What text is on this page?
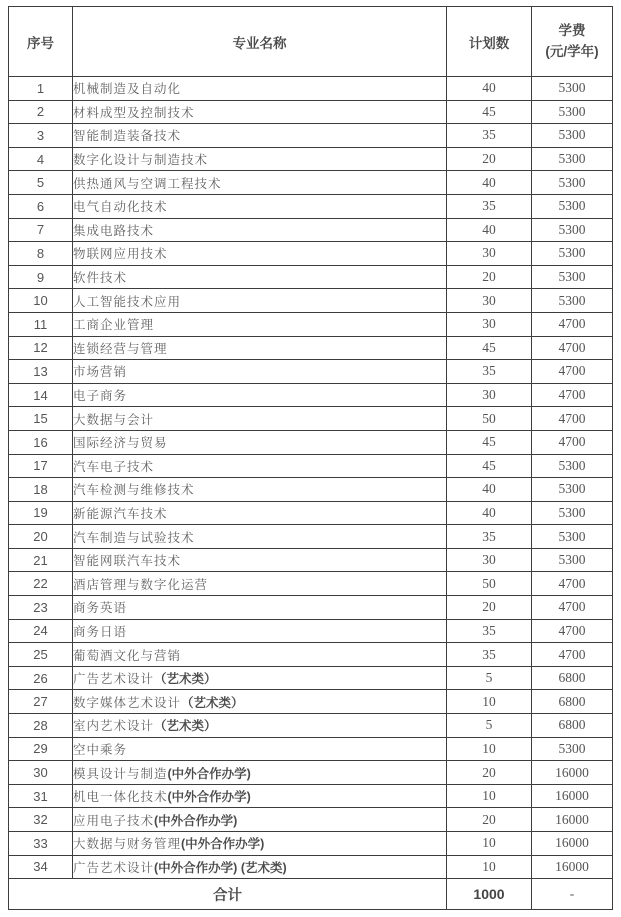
序号	专业名称	计划数	学费
(元/学年)

1	机械制造及自动化	40	5300
2	材料成型及控制技术	45	5300
3	智能制造装备技术	35	5300
4	数字化设计与制造技术	20	5300
5	供热通风与空调工程技术	40	5300
6	电气自动化技术	35	5300
7	集成电路技术	40	5300
8	物联网应用技术	30	5300
9	软件技术	20	5300
10	人工智能技术应用	30	5300
11	工商企业管理	30	4700
12	连锁经营与管理	45	4700
13	市场营销	35	4700
14	电子商务	30	4700
15	大数据与会计	50	4700
16	国际经济与贸易	45	4700
17	汽车电子技术	45	5300
18	汽车检测与维修技术	40	5300
19	新能源汽车技术	40	5300
20	汽车制造与试验技术	35	5300
21	智能网联汽车技术	30	5300
22	酒店管理与数字化运营	50	4700
23	商务英语	20	4700
24	商务日语	35	4700
25	葡萄酒文化与营销	35	4700
26	广告艺术设计（艺术类）	5	6800
27	数字媒体艺术设计（艺术类）	10	6800
28	室内艺术设计（艺术类）	5	6800
29	空中乘务	10	5300
30	模具设计与制造(中外合作办学)	20	16000
31	机电一体化技术(中外合作办学)	10	16000
32	应用电子技术(中外合作办学)	20	16000
33	大数据与财务管理(中外合作办学)	10	16000
34	广告艺术设计(中外合作办学) (艺术类)	10	16000
合计		1000	-
